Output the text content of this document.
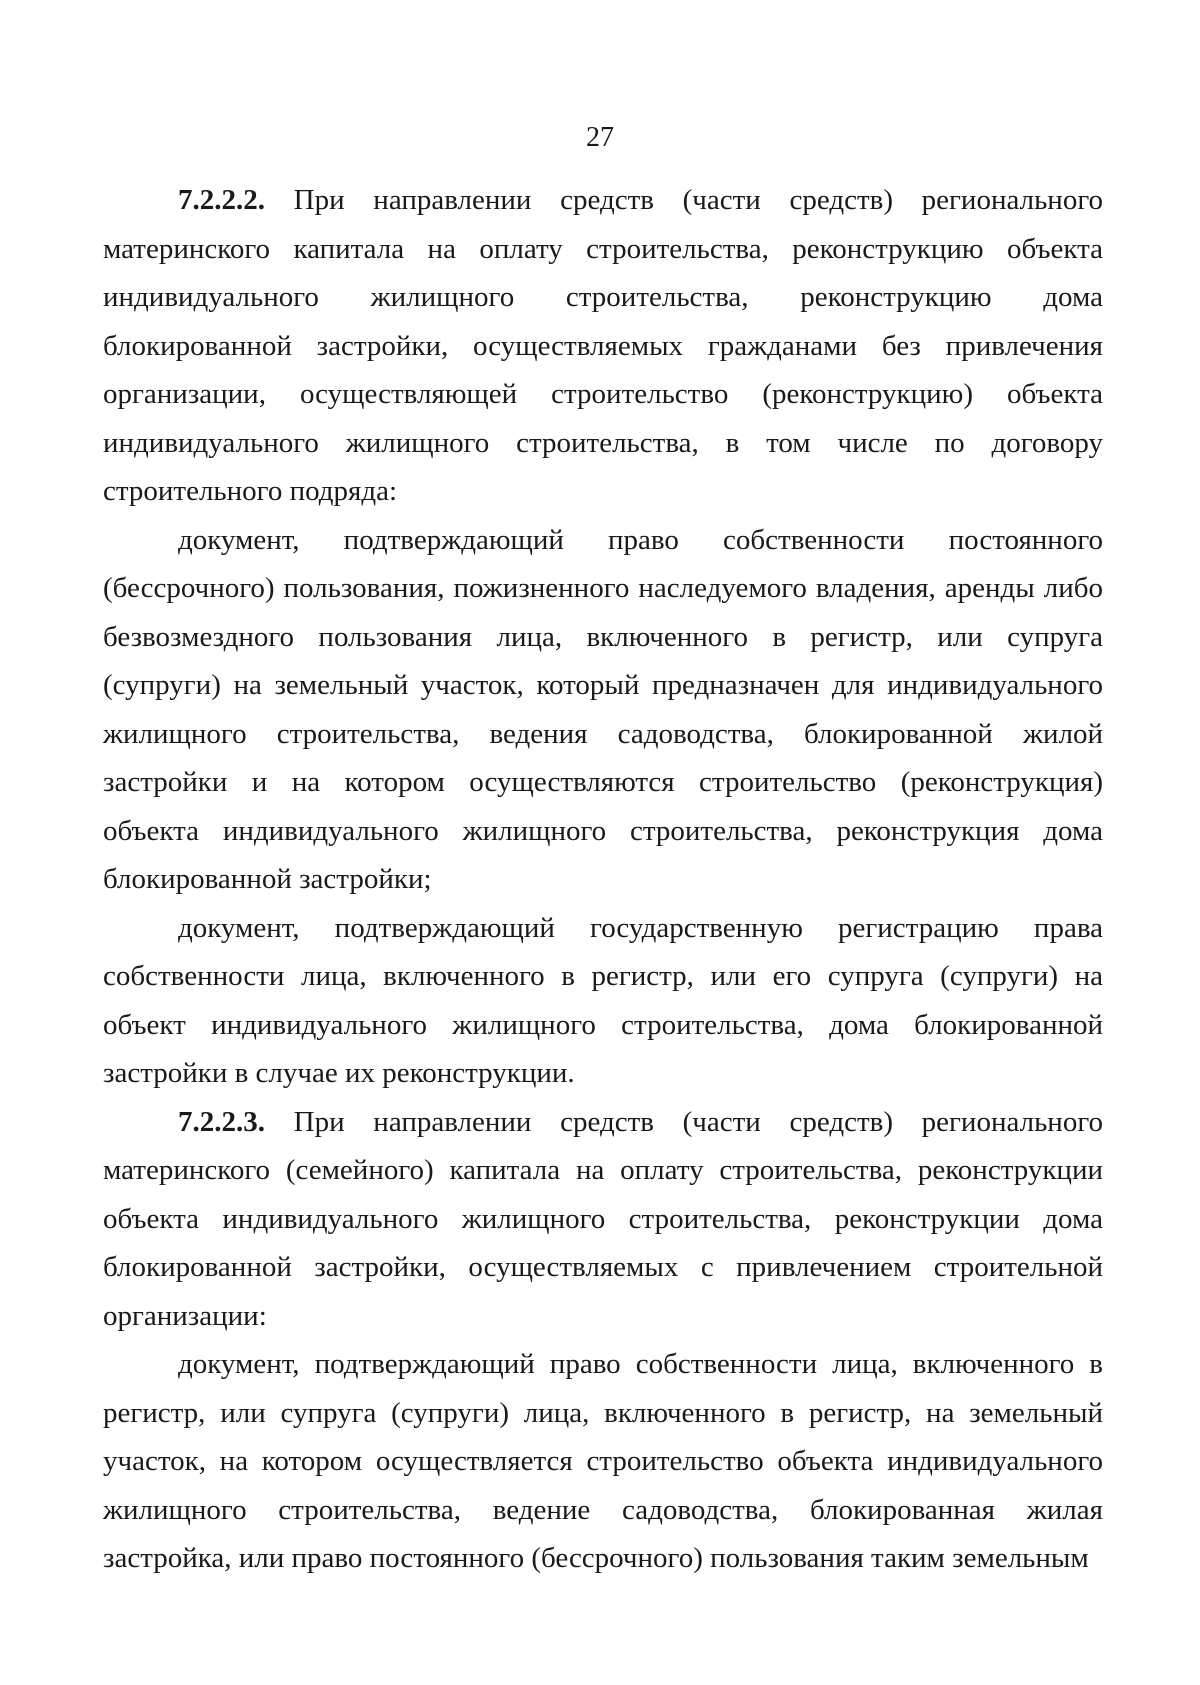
27

7.2.2.2. При направлении средств (части средств) регионального материнского капитала на оплату строительства, реконструкцию объекта индивидуального жилищного строительства, реконструкцию дома блокированной застройки, осуществляемых гражданами без привлечения организации, осуществляющей строительство (реконструкцию) объекта индивидуального жилищного строительства, в том числе по договору строительного подряда:

документ, подтверждающий право собственности постоянного (бессрочного) пользования, пожизненного наследуемого владения, аренды либо безвозмездного пользования лица, включенного в регистр, или супруга (супруги) на земельный участок, который предназначен для индивидуального жилищного строительства, ведения садоводства, блокированной жилой застройки и на котором осуществляются строительство (реконструкция) объекта индивидуального жилищного строительства, реконструкция дома блокированной застройки;

документ, подтверждающий государственную регистрацию права собственности лица, включенного в регистр, или его супруга (супруги) на объект индивидуального жилищного строительства, дома блокированной застройки в случае их реконструкции.

7.2.2.3. При направлении средств (части средств) регионального материнского (семейного) капитала на оплату строительства, реконструкции объекта индивидуального жилищного строительства, реконструкции дома блокированной застройки, осуществляемых с привлечением строительной организации:

документ, подтверждающий право собственности лица, включенного в регистр, или супруга (супруги) лица, включенного в регистр, на земельный участок, на котором осуществляется строительство объекта индивидуального жилищного строительства, ведение садоводства, блокированная жилая застройка, или право постоянного (бессрочного) пользования таким земельным
